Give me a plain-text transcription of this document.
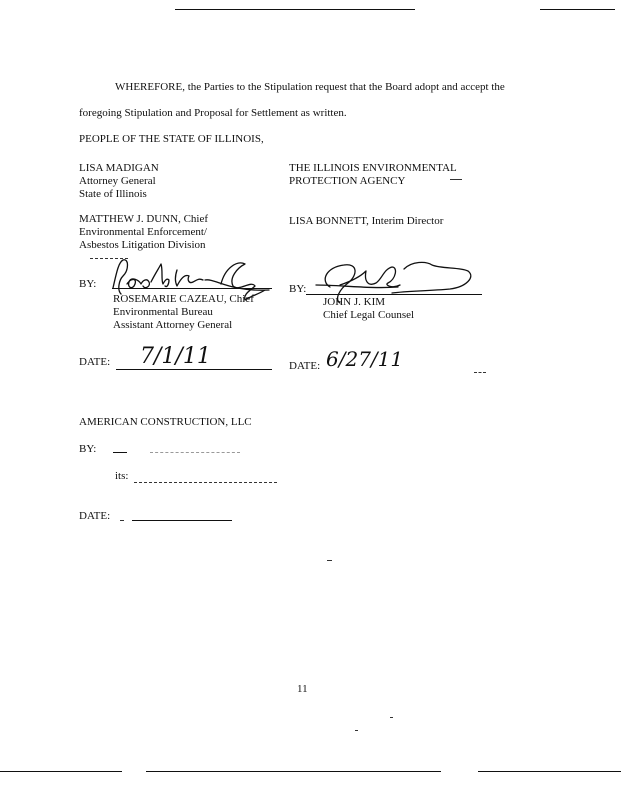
WHEREFORE, the Parties to the Stipulation request that the Board adopt and accept the
foregoing Stipulation and Proposal for Settlement as written.
PEOPLE OF THE STATE OF ILLINOIS,
LISA MADIGAN
Attorney General
State of Illinois
MATTHEW J. DUNN, Chief
Environmental Enforcement/
Asbestos Litigation Division
THE ILLINOIS ENVIRONMENTAL
PROTECTION AGENCY
LISA BONNETT, Interim Director
BY:
ROSEMARIE CAZEAU, Chief
Environmental Bureau
Assistant Attorney General
BY:
JOHN J. KIM
Chief Legal Counsel
DATE: 7/1/11	DATE: 6/27/11
AMERICAN CONSTRUCTION, LLC
BY:
its:
DATE:
11
